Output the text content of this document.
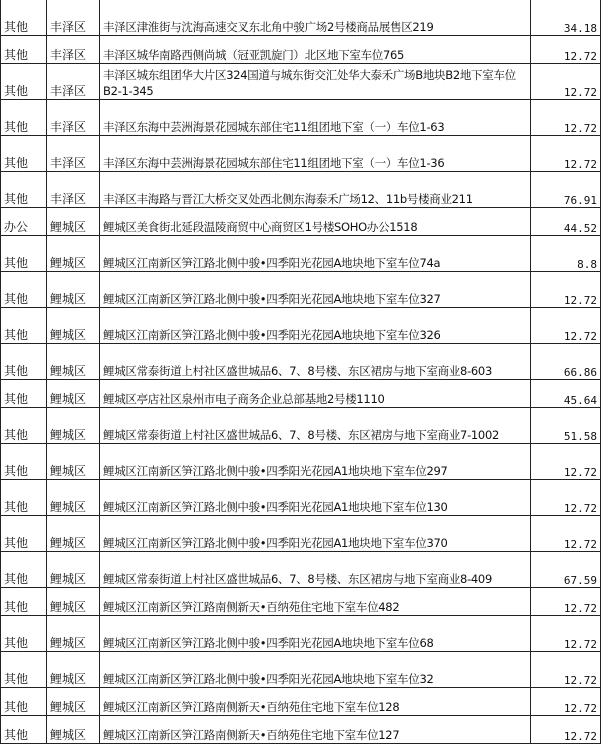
其他	丰泽区	丰泽区津淮街与沈海高速交叉东北角中骏广场2号楼商品展售区219	34.18
其他	丰泽区	丰泽区城华南路西侧尚城（冠亚凯旋门）北区地下室车位765	12.72
其他	丰泽区	丰泽区城东组团华大片区324国道与城东街交汇处华大泰禾广场B地块B2地下室车位B2-1-345	12.72
其他	丰泽区	丰泽区东海中芸洲海景花园城东部住宅11组团地下室（一）车位1-63	12.72
其他	丰泽区	丰泽区东海中芸洲海景花园城东部住宅11组团地下室（一）车位1-36	12.72
其他	丰泽区	丰泽区丰海路与晋江大桥交叉处西北侧东海泰禾广场12、11b号楼商业211	76.91
办公	鲤城区	鲤城区美食街北延段温陵商贸中心商贸区1号楼SOHO办公1518	44.52
其他	鲤城区	鲤城区江南新区笋江路北侧中骏•四季阳光花园A地块地下室车位74a	8.8
其他	鲤城区	鲤城区江南新区笋江路北侧中骏•四季阳光花园A地块地下室车位327	12.72
其他	鲤城区	鲤城区江南新区笋江路北侧中骏•四季阳光花园A地块地下室车位326	12.72
其他	鲤城区	鲤城区常泰街道上村社区盛世城品6、7、8号楼、东区裙房与地下室商业8-603	66.86
其他	鲤城区	鲤城区亭店社区泉州市电子商务企业总部基地2号楼1110	45.64
其他	鲤城区	鲤城区常泰街道上村社区盛世城品6、7、8号楼、东区裙房与地下室商业7-1002	51.58
其他	鲤城区	鲤城区江南新区笋江路北侧中骏•四季阳光花园A1地块地下室车位297	12.72
其他	鲤城区	鲤城区江南新区笋江路北侧中骏•四季阳光花园A1地块地下室车位130	12.72
其他	鲤城区	鲤城区江南新区笋江路北侧中骏•四季阳光花园A1地块地下室车位370	12.72
其他	鲤城区	鲤城区常泰街道上村社区盛世城品6、7、8号楼、东区裙房与地下室商业8-409	67.59
其他	鲤城区	鲤城区江南新区笋江路南侧新天•百纳苑住宅地下室车位482	12.72
其他	鲤城区	鲤城区江南新区笋江路北侧中骏•四季阳光花园A地块地下室车位68	12.72
其他	鲤城区	鲤城区江南新区笋江路北侧中骏•四季阳光花园A地块地下室车位32	12.72
其他	鲤城区	鲤城区江南新区笋江路南侧新天•百纳苑住宅地下室车位128	12.72
其他	鲤城区	鲤城区江南新区笋江路南侧新天•百纳苑住宅地下室车位127	12.72
